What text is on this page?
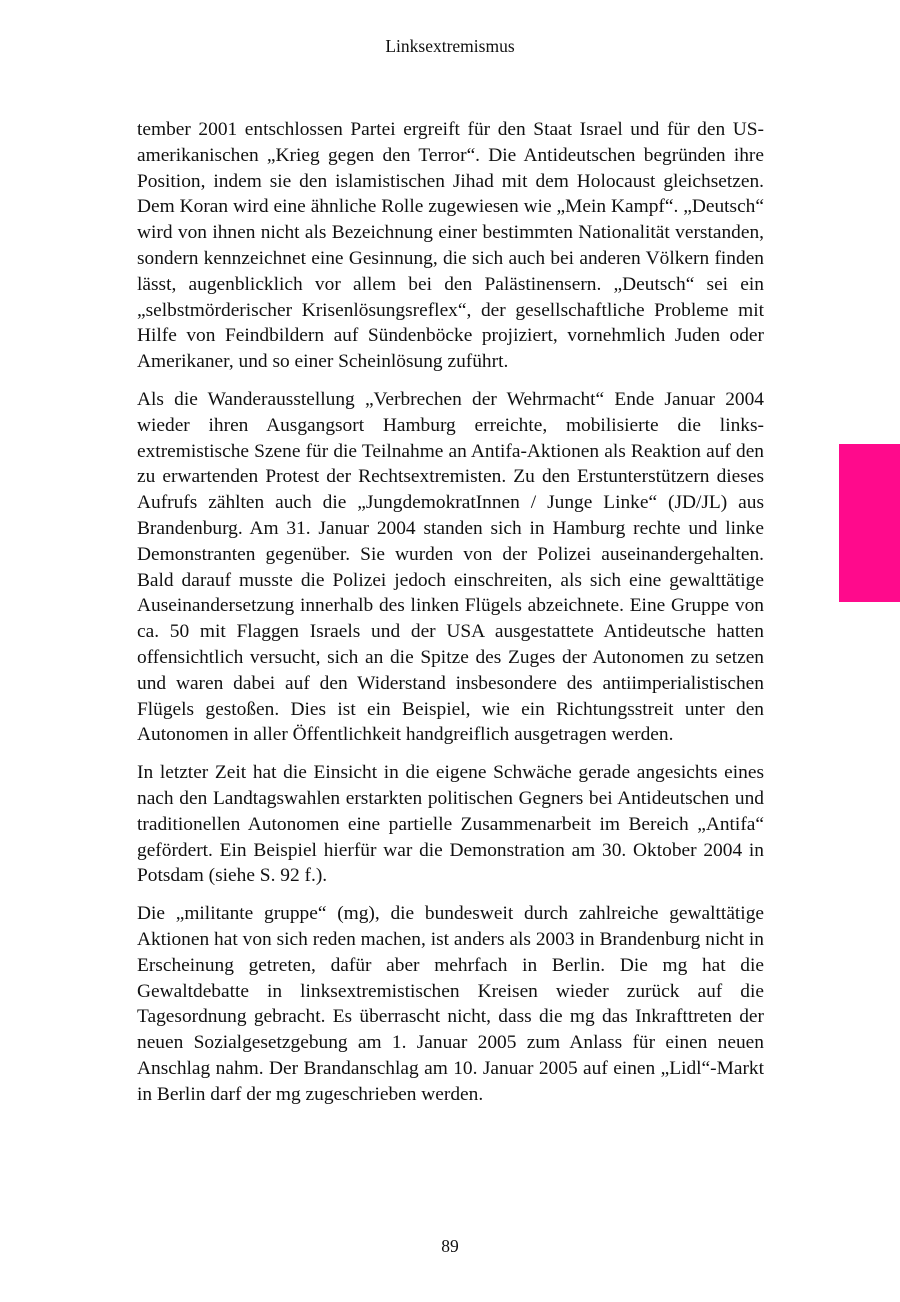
Linksextremismus

tember 2001 entschlossen Partei ergreift für den Staat Israel und für den US-amerikanischen „Krieg gegen den Terror“. Die Antideutschen begründen ihre Position, indem sie den islamistischen Jihad mit dem Holocaust gleichsetzen. Dem Koran wird eine ähnliche Rolle zugewiesen wie „Mein Kampf“. „Deutsch“ wird von ihnen nicht als Bezeichnung einer bestimmten Nationalität verstanden, sondern kennzeichnet eine Gesinnung, die sich auch bei anderen Völkern finden lässt, augenblicklich vor allem bei den Palästinensern. „Deutsch“ sei ein „selbstmörderischer Krisenlösungsreflex“, der gesellschaftliche Probleme mit Hilfe von Feindbildern auf Sündenböcke projiziert, vornehmlich Juden oder Amerikaner, und so einer Scheinlösung zuführt.

Als die Wanderausstellung „Verbrechen der Wehrmacht“ Ende Januar 2004 wieder ihren Ausgangsort Hamburg erreichte, mobilisierte die linksextremistische Szene für die Teilnahme an Antifa-Aktionen als Reaktion auf den zu erwartenden Protest der Rechtsextremisten. Zu den Erstunterstützern dieses Aufrufs zählten auch die „JungdemokratInnen / Junge Linke“ (JD/JL) aus Brandenburg. Am 31. Januar 2004 standen sich in Hamburg rechte und linke Demonstranten gegenüber. Sie wurden von der Polizei auseinandergehalten. Bald darauf musste die Polizei jedoch einschreiten, als sich eine gewalttätige Auseinandersetzung innerhalb des linken Flügels abzeichnete. Eine Gruppe von ca. 50 mit Flaggen Israels und der USA ausgestattete Antideutsche hatten offensichtlich versucht, sich an die Spitze des Zuges der Autonomen zu setzen und waren dabei auf den Widerstand insbesondere des antiimperialistischen Flügels gestoßen. Dies ist ein Beispiel, wie ein Richtungsstreit unter den Autonomen in aller Öffentlichkeit handgreiflich ausgetragen werden.

In letzter Zeit hat die Einsicht in die eigene Schwäche gerade angesichts eines nach den Landtagswahlen erstarkten politischen Gegners bei Antideutschen und traditionellen Autonomen eine partielle Zusammenarbeit im Bereich „Antifa“ gefördert. Ein Beispiel hierfür war die Demonstration am 30. Oktober 2004 in Potsdam (siehe S. 92 f.).

Die „militante gruppe“ (mg), die bundesweit durch zahlreiche gewalttätige Aktionen hat von sich reden machen, ist anders als 2003 in Brandenburg nicht in Erscheinung getreten, dafür aber mehrfach in Berlin. Die mg hat die Gewaltdebatte in linksextremistischen Kreisen wieder zurück auf die Tagesordnung gebracht. Es überrascht nicht, dass die mg das Inkrafttreten der neuen Sozialgesetzgebung am 1. Januar 2005 zum Anlass für einen neuen Anschlag nahm. Der Brandanschlag am 10. Januar 2005 auf einen „Lidl“-Markt in Berlin darf der mg zugeschrieben werden.

89
